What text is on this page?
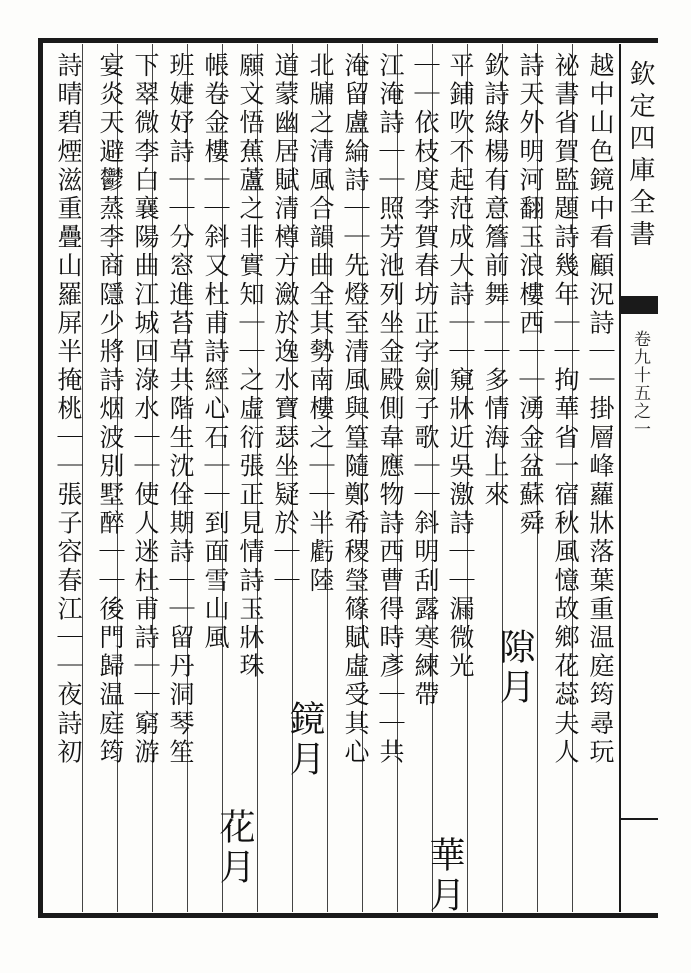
欽定四庫全書
卷九十五之一
越中山色鏡中看顧況詩｜｜掛層峰蘿牀落葉重温庭筠尋玩
祕書省賀監題詩幾年｜｜拘華省一宿秋風憶故鄉花蕊夫人
詩天外明河翻玉浪樓西｜｜湧金盆蘇舜
欽詩綠楊有意簷前舞｜｜多情海上來
平鋪吹不起范成大詩｜｜窺牀近吳激詩｜｜漏微光
｜｜依枝度李賀春坊正字劍子歌｜｜斜明刮露寒練帶
江淹詩｜｜照芳池列坐金殿側韋應物詩西曹得時彥｜｜共
淹留盧綸詩｜｜先燈至清風與篁隨鄭希稷瑩篠賦虛受其心
北牖之清風合韻曲全其勢南樓之｜｜半虧陸
道蒙幽居賦清樽方瀲於逸水寶瑟坐疑於｜｜
願文悟蕉蘆之非實知｜｜之虛衍張正見情詩玉牀珠
帳卷金樓｜｜斜又杜甫詩經心石｜｜到面雪山風
班婕妤詩｜｜分窓進苔草共階生沈佺期詩｜｜留丹洞琴笙
下翠微李白襄陽曲江城回淥水｜｜使人迷杜甫詩｜｜窮游
宴炎天避鬱蒸李商隱少將詩烟波別墅醉｜｜後門歸温庭筠
詩晴碧煙滋重疊山羅屏半掩桃｜｜張子容春江｜｜夜詩初	隙月
華月
鏡月
花月
